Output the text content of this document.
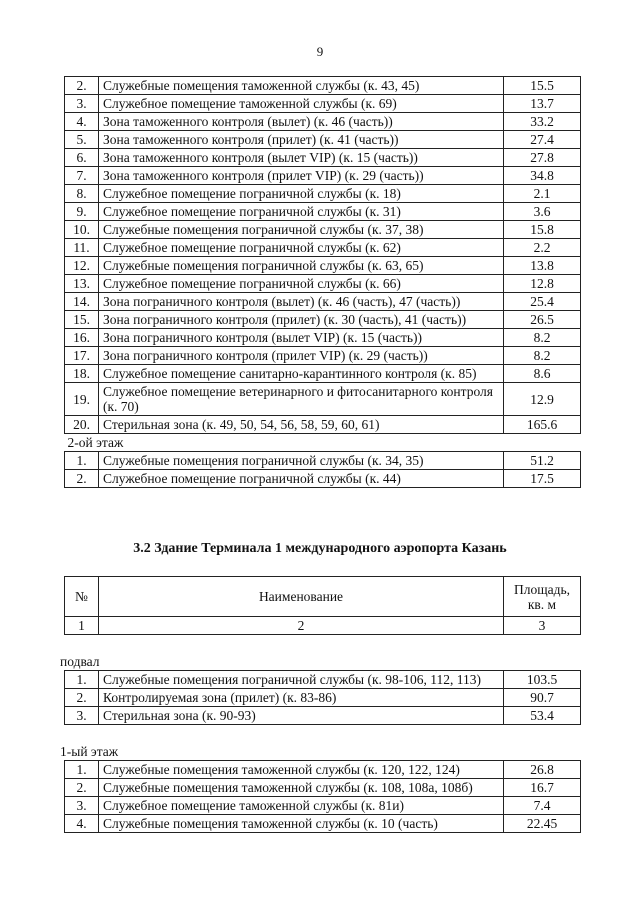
9
2.	Служебные помещения таможенной службы (к. 43, 45)	15.5
3.	Служебное помещение таможенной службы (к. 69)	13.7
4.	Зона таможенного контроля (вылет) (к. 46 (часть))	33.2
5.	Зона таможенного контроля (прилет) (к. 41 (часть))	27.4
6.	Зона таможенного контроля (вылет VIP) (к. 15 (часть))	27.8
7.	Зона таможенного контроля (прилет VIP) (к. 29 (часть))	34.8
8.	Служебное помещение пограничной службы (к. 18)	2.1
9.	Служебное помещение пограничной службы (к. 31)	3.6
10.	Служебные помещения пограничной службы (к. 37, 38)	15.8
11.	Служебное помещение пограничной службы (к. 62)	2.2
12.	Служебные помещения пограничной службы (к. 63, 65)	13.8
13.	Служебное помещение пограничной службы (к. 66)	12.8
14.	Зона пограничного контроля (вылет) (к. 46 (часть), 47 (часть))	25.4
15.	Зона пограничного контроля (прилет) (к. 30 (часть), 41 (часть))	26.5
16.	Зона пограничного контроля (вылет VIP) (к. 15 (часть))	8.2
17.	Зона пограничного контроля (прилет VIP) (к. 29 (часть))	8.2
18.	Служебное помещение санитарно-карантинного контроля (к. 85)	8.6
19.	Служебное помещение ветеринарного и фитосанитарного контроля (к. 70)	12.9
20.	Стерильная зона (к. 49, 50, 54, 56, 58, 59, 60, 61)	165.6
2-ой этаж		
1.	Служебные помещения пограничной службы (к. 34, 35)	51.2
2.	Служебное помещение пограничной службы (к. 44)	17.5
3.2 Здание Терминала 1 международного аэропорта Казань
№	Наименование	Площадь, кв. м
1	2	3
подвал
1.	Служебные помещения пограничной службы (к. 98-106, 112, 113)	103.5
2.	Контролируемая зона (прилет) (к. 83-86)	90.7
3.	Стерильная зона (к. 90-93)	53.4
1-ый этаж
1.	Служебные помещения таможенной службы (к. 120, 122, 124)	26.8
2.	Служебные помещения таможенной службы (к. 108, 108а, 108б)	16.7
3.	Служебное помещение таможенной службы (к. 81и)	7.4
4.	Служебные помещения таможенной службы (к. 10 (часть)	22.45
